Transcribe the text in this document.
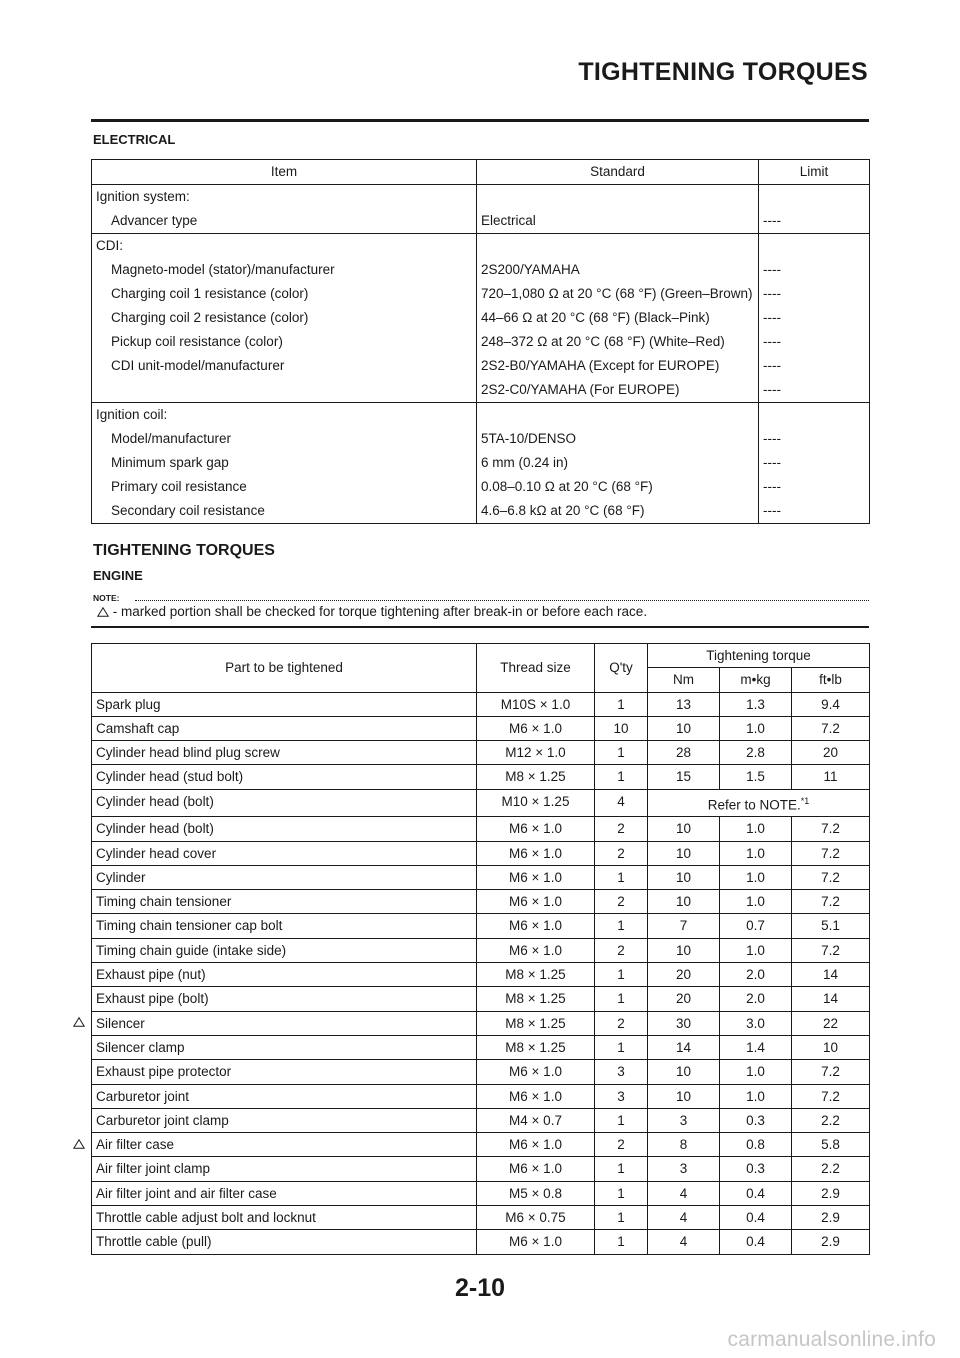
TIGHTENING TORQUES
ELECTRICAL
Item	Standard	Limit
Ignition system:		
Advancer type	Electrical	----
CDI:		
Magneto-model (stator)/manufacturer	2S200/YAMAHA	----
Charging coil 1 resistance (color)	720–1,080 Ω at 20 °C (68 °F) (Green–Brown)	----
Charging coil 2 resistance (color)	44–66 Ω at 20 °C (68 °F) (Black–Pink)	----
Pickup coil resistance (color)	248–372 Ω at 20 °C (68 °F) (White–Red)	----
CDI unit-model/manufacturer	2S2-B0/YAMAHA (Except for EUROPE)	----
	2S2-C0/YAMAHA (For EUROPE)	----
Ignition coil:		
Model/manufacturer	5TA-10/DENSO	----
Minimum spark gap	6 mm (0.24 in)	----
Primary coil resistance	0.08–0.10 Ω at 20 °C (68 °F)	----
Secondary coil resistance	4.6–6.8 kΩ at 20 °C (68 °F)	----
TIGHTENING TORQUES
ENGINE
NOTE:
- marked portion shall be checked for torque tightening after break-in or before each race.
Part to be tightened	Thread size	Q'ty	Tightening torque		
			Nm	m•kg	ft•lb
Spark plug	M10S × 1.0	1	13	1.3	9.4
Camshaft cap	M6 × 1.0	10	10	1.0	7.2
Cylinder head blind plug screw	M12 × 1.0	1	28	2.8	20
Cylinder head (stud bolt)	M8 × 1.25	1	15	1.5	11
Cylinder head (bolt)	M10 × 1.25	4	Refer to NOTE.$^{*1}$
Cylinder head (bolt)	M6 × 1.0	2	10	1.0	7.2
Cylinder head cover	M6 × 1.0	2	10	1.0	7.2
Cylinder	M6 × 1.0	1	10	1.0	7.2
Timing chain tensioner	M6 × 1.0	2	10	1.0	7.2
Timing chain tensioner cap bolt	M6 × 1.0	1	7	0.7	5.1
Timing chain guide (intake side)	M6 × 1.0	2	10	1.0	7.2
Exhaust pipe (nut)	M8 × 1.25	1	20	2.0	14
Exhaust pipe (bolt)	M8 × 1.25	1	20	2.0	14
Silencer	M8 × 1.25	2	30	3.0	22
Silencer clamp	M8 × 1.25	1	14	1.4	10
Exhaust pipe protector	M6 × 1.0	3	10	1.0	7.2
Carburetor joint	M6 × 1.0	3	10	1.0	7.2
Carburetor joint clamp	M4 × 0.7	1	3	0.3	2.2
Air filter case	M6 × 1.0	2	8	0.8	5.8
Air filter joint clamp	M6 × 1.0	1	3	0.3	2.2
Air filter joint and air filter case	M5 × 0.8	1	4	0.4	2.9
Throttle cable adjust bolt and locknut	M6 × 0.75	1	4	0.4	2.9
Throttle cable (pull)	M6 × 1.0	1	4	0.4	2.9
2-10
carmanualsonline.info
